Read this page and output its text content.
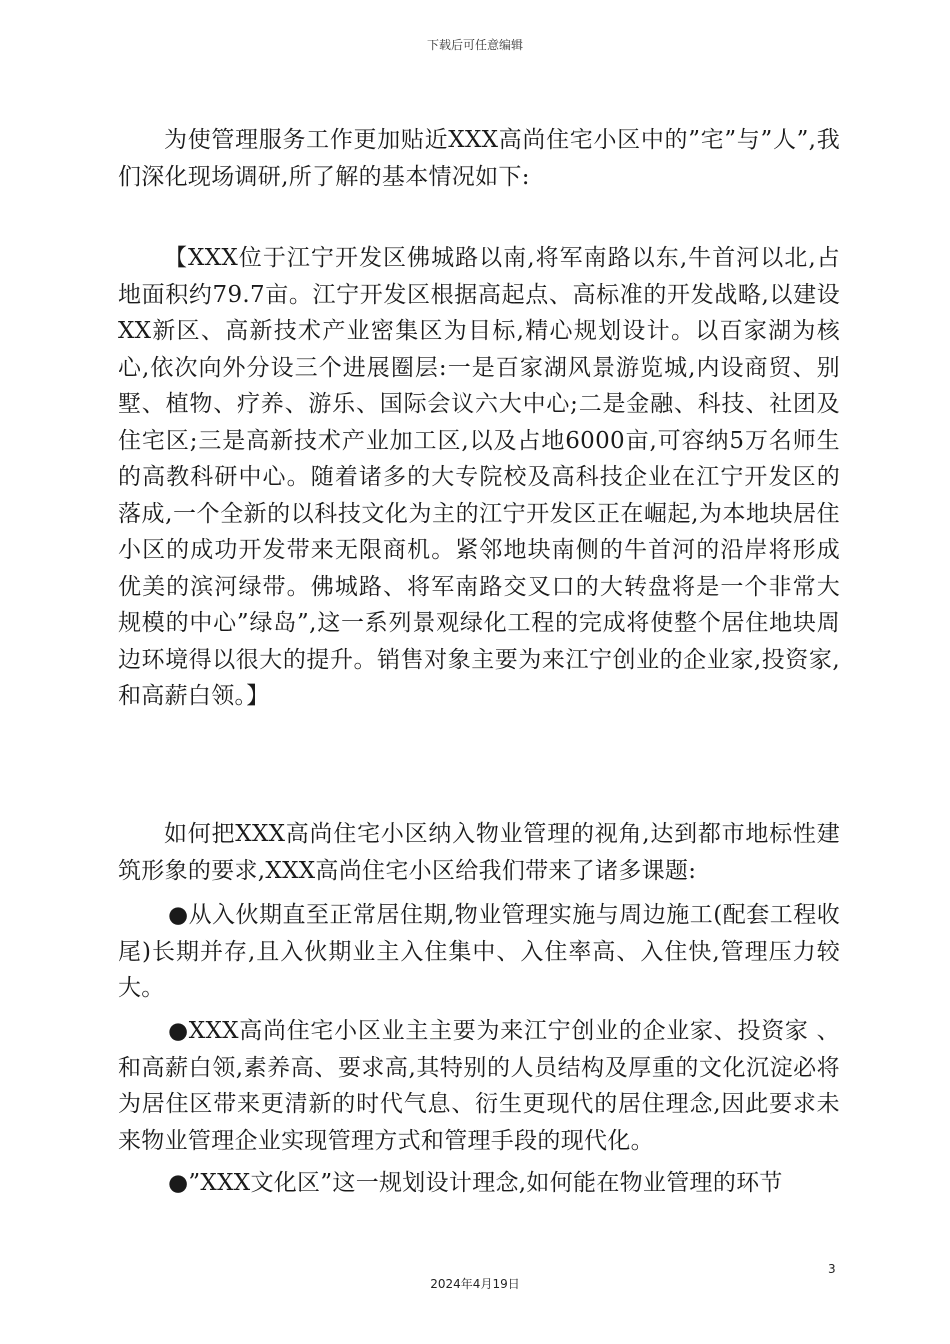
下载后可任意编辑

为使管理服务工作更加贴近XXX高尚住宅小区中的”宅”与”人”,我们深化现场调研,所了解的基本情况如下:

【XXX位于江宁开发区佛城路以南,将军南路以东,牛首河以北,占地面积约79.7亩。江宁开发区根据高起点、高标准的开发战略,以建设XX新区、高新技术产业密集区为目标,精心规划设计。以百家湖为核心,依次向外分设三个进展圈层:一是百家湖风景游览城,内设商贸、别墅、植物、疗养、游乐、国际会议六大中心;二是金融、科技、社团及住宅区;三是高新技术产业加工区,以及占地6000亩,可容纳5万名师生的高教科研中心。随着诸多的大专院校及高科技企业在江宁开发区的落成,一个全新的以科技文化为主的江宁开发区正在崛起,为本地块居住小区的成功开发带来无限商机。紧邻地块南侧的牛首河的沿岸将形成优美的滨河绿带。佛城路、将军南路交叉口的大转盘将是一个非常大规模的中心”绿岛”,这一系列景观绿化工程的完成将使整个居住地块周边环境得以很大的提升。销售对象主要为来江宁创业的企业家,投资家,和高薪白领。】

如何把XXX高尚住宅小区纳入物业管理的视角,达到都市地标性建筑形象的要求,XXX高尚住宅小区给我们带来了诸多课题:

●从入伙期直至正常居住期,物业管理实施与周边施工(配套工程收尾)长期并存,且入伙期业主入住集中、入住率高、入住快,管理压力较大。

●XXX高尚住宅小区业主主要为来江宁创业的企业家、投资家 、和高薪白领,素养高、要求高,其特别的人员结构及厚重的文化沉淀必将为居住区带来更清新的时代气息、衍生更现代的居住理念,因此要求未来物业管理企业实现管理方式和管理手段的现代化。

●”XXX文化区”这一规划设计理念,如何能在物业管理的环节

3
2024年4月19日
